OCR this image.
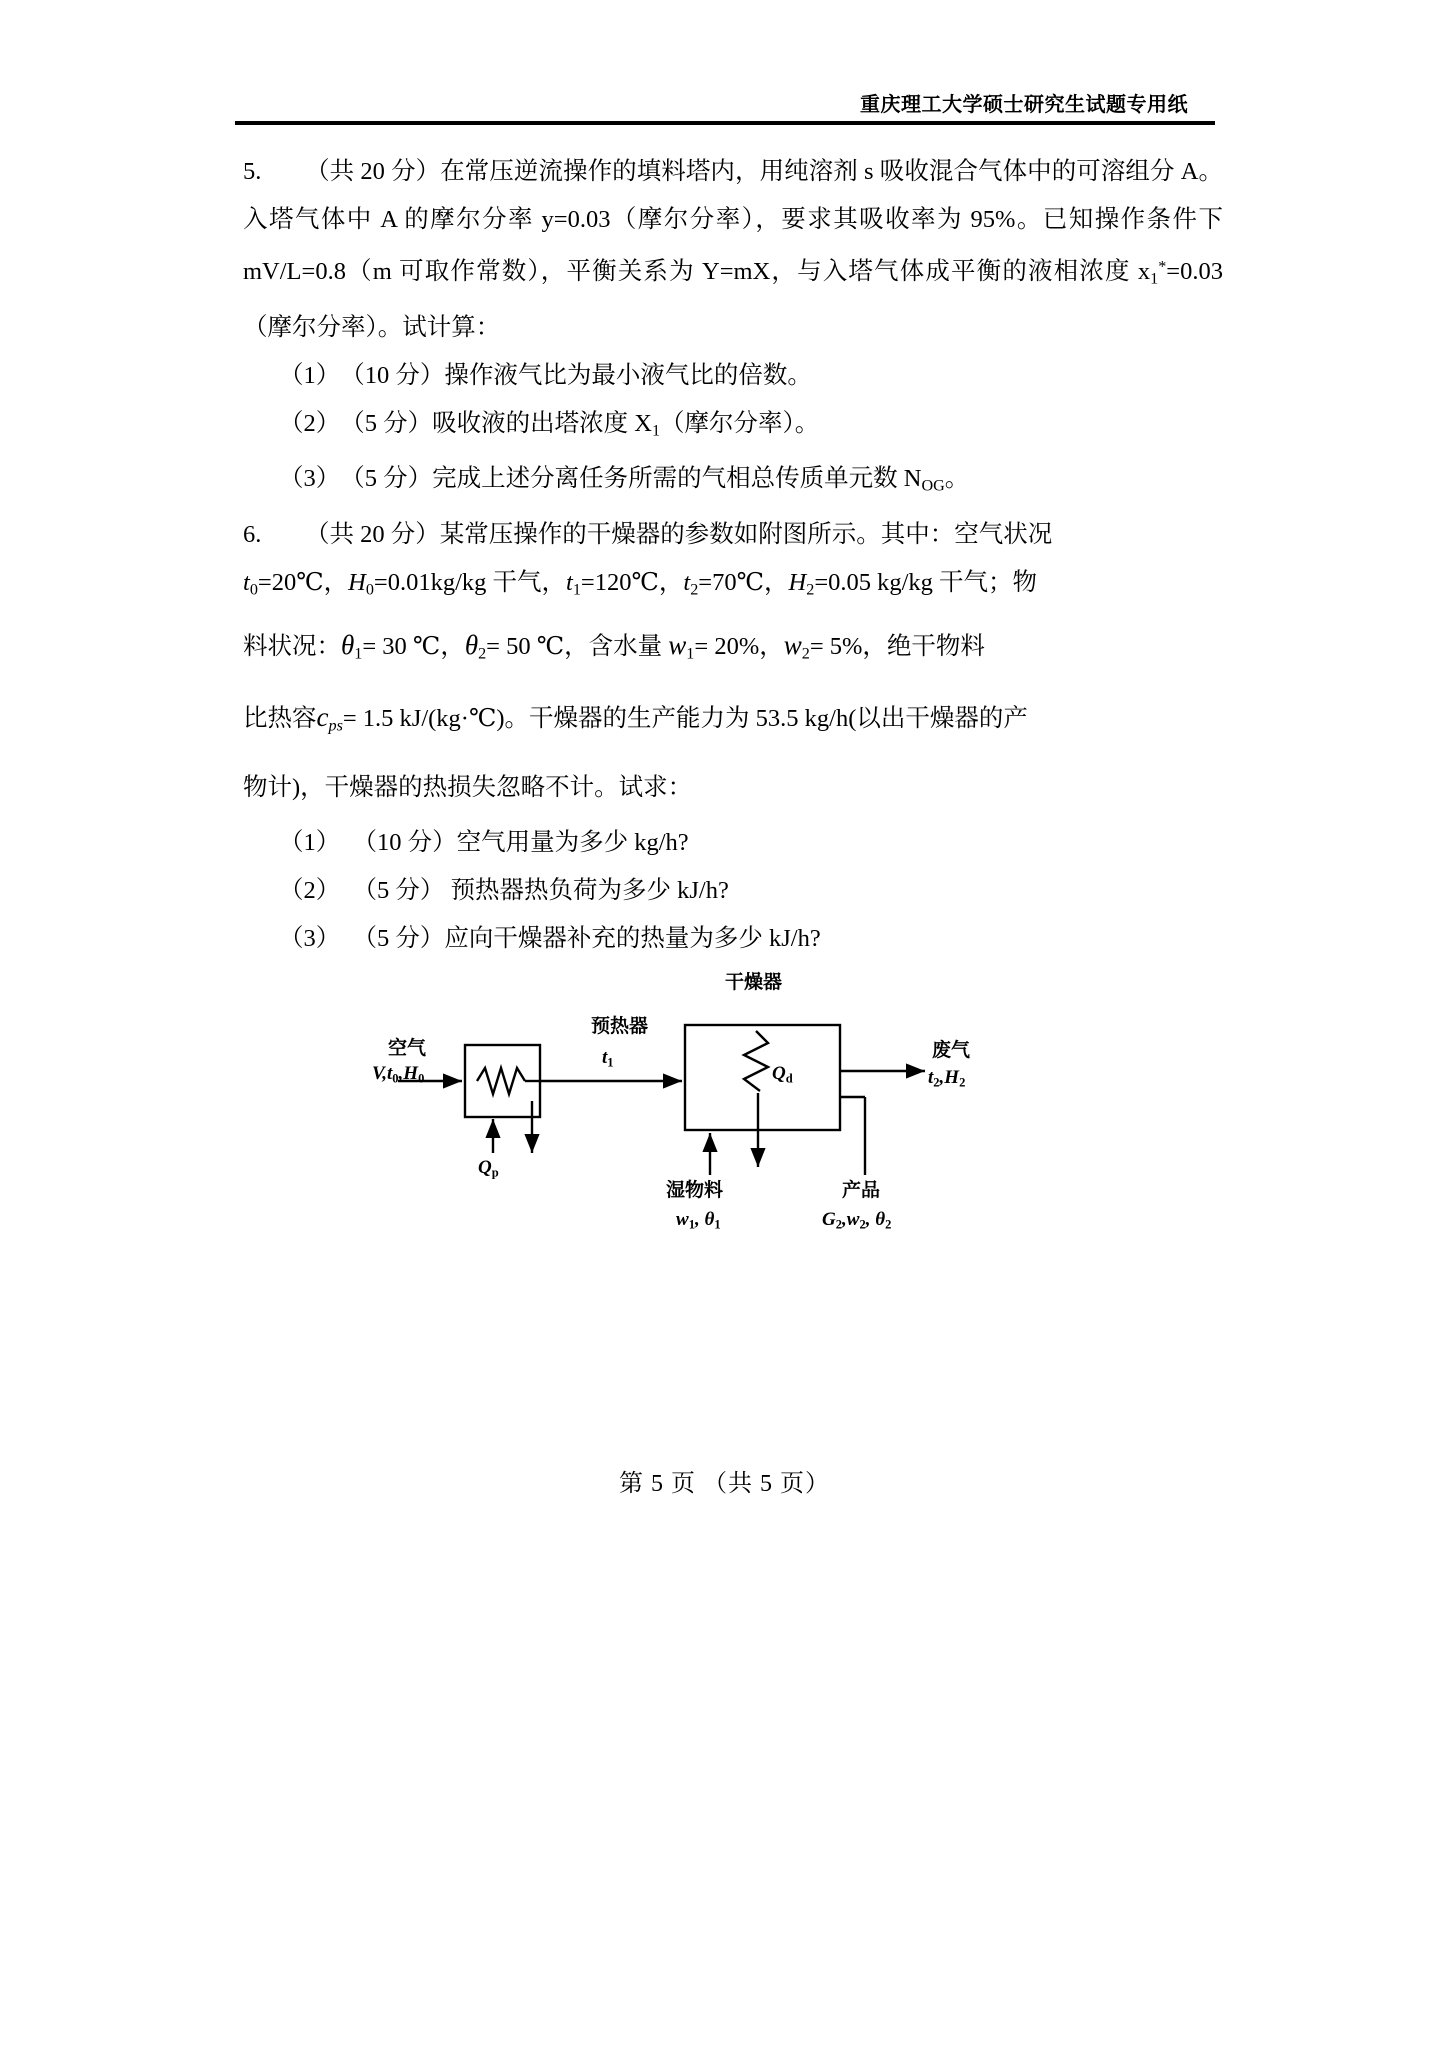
重庆理工大学硕士研究生试题专用纸

5. （共 20 分）在常压逆流操作的填料塔内，用纯溶剂 s 吸收混合气体中的可溶组分 A。入塔气体中 A 的摩尔分率 y=0.03（摩尔分率），要求其吸收率为 95%。已知操作条件下 mV/L=0.8（m 可取作常数），平衡关系为 Y=mX，与入塔气体成平衡的液相浓度 $x_1^*=0.03$（摩尔分率）。试计算：

（1）（10 分）操作液气比为最小液气比的倍数。

（2）（5 分）吸收液的出塔浓度 $X_1$（摩尔分率）。

（3）（5 分）完成上述分离任务所需的气相总传质单元数 $N_{OG}$。

6. （共 20 分）某常压操作的干燥器的参数如附图所示。其中：空气状况

$t_0=20℃$，$H_0=0.01kg/kg$ 干气，$t_1=120℃$，$t_2=70℃$，$H_2=0.05$ kg/kg 干气；物

料状况：$\theta_1= 30$ ℃，$\theta_2= 50$ ℃，含水量 $w_1= 20\%$，$w_2= 5\%$，绝干物料

比热容$c_{ps}= 1.5$ kJ/(kg·℃)。干燥器的生产能力为 53.5 kg/h(以出干燥器的产

物计)，干燥器的热损失忽略不计。试求：

（1） （10 分）空气用量为多少 kg/h?

（2） （5 分） 预热器热负荷为多少 kJ/h?

（3） （5 分）应向干燥器补充的热量为多少 kJ/h?

预热器
干燥器
空气
$V,t_0,H_0$
$Q_p$
$t_1$
$Q_d$
废气
$t_2,H_2$
湿物料
$w_1$, $\theta_1$
产品
$G_2,w_2$, $\theta_2$
第 5 页 （共 5 页）
